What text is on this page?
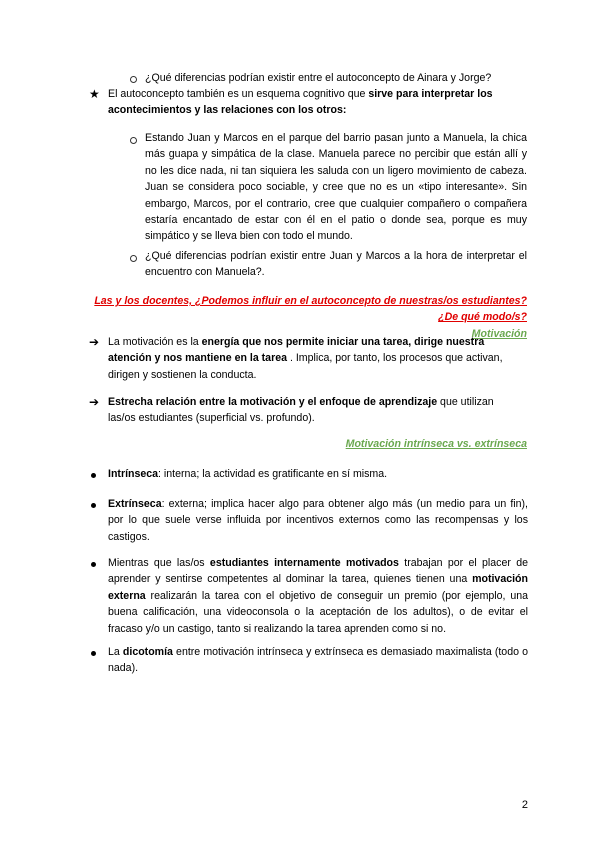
¿Qué diferencias podrían existir entre el autoconcepto de Ainara y Jorge?
★ El autoconcepto también es un esquema cognitivo que sirve para interpretar los
acontecimientos y las relaciones con los otros:
Estando Juan y Marcos en el parque del barrio pasan junto a Manuela, la chica más guapa y simpática de la clase. Manuela parece no percibir que están allí y no les dice nada, ni tan siquiera les saluda con un ligero movimiento de cabeza. Juan se considera poco sociable, y cree que no es un «tipo interesante». Sin embargo, Marcos, por el contrario, cree que cualquier compañero o compañera estaría encantado de estar con él en el patio o donde sea, porque es muy simpático y se lleva bien con todo el mundo.
¿Qué diferencias podrían existir entre Juan y Marcos a la hora de interpretar el encuentro con Manuela?.
Las y los docentes, ¿Podemos influir en el autoconcepto de nuestras/os estudiantes?
¿De qué modo/s?
Motivación
➔ La motivación es la energía que nos permite iniciar una tarea, dirige nuestra
atención y nos mantiene en la tarea . Implica, por tanto, los procesos que activan,
dirigen y sostienen la conducta.
➔ Estrecha relación entre la motivación y el enfoque de aprendizaje que utilizan
las/os estudiantes (superficial vs. profundo).
Motivación intrínseca vs. extrínseca
Intrínseca: interna; la actividad es gratificante en sí misma.
Extrínseca: externa; implica hacer algo para obtener algo más (un medio para un fin), por lo que suele verse influida por incentivos externos como las recompensas y los castigos.
Mientras que las/os estudiantes internamente motivados trabajan por el placer de aprender y sentirse competentes al dominar la tarea, quienes tienen una motivación externa realizarán la tarea con el objetivo de conseguir un premio (por ejemplo, una buena calificación, una videoconsola o la aceptación de los adultos), o de evitar el fracaso y/o un castigo, tanto si realizando la tarea aprenden como si no.
La dicotomía entre motivación intrínseca y extrínseca es demasiado maximalista (todo o nada).
2
